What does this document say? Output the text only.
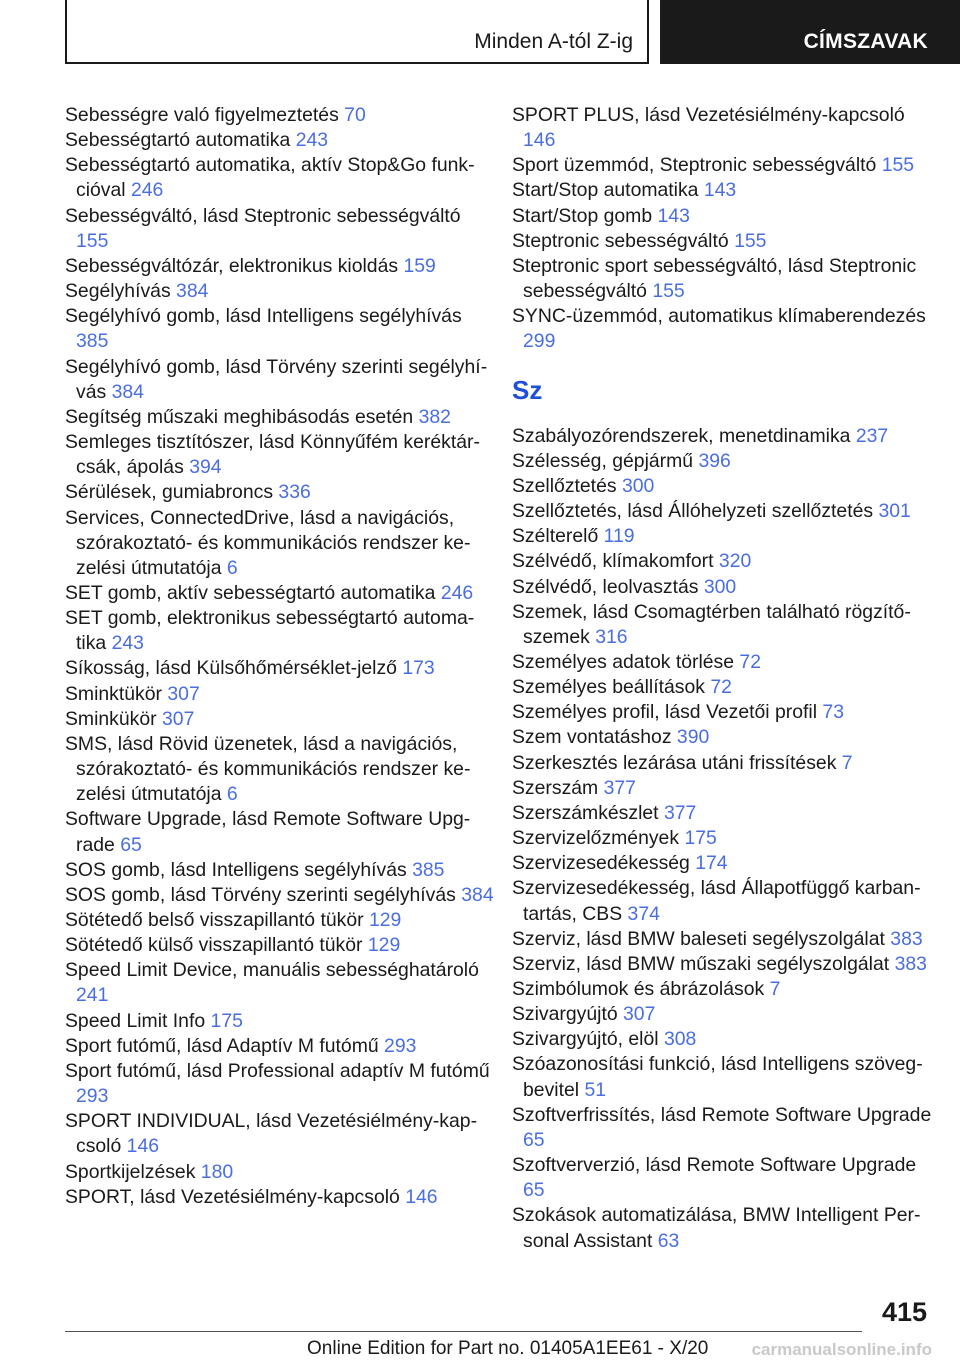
Minden A-tól Z-ig	CÍMSZAVAK

Sebességre való figyelmeztetés 70

Sebességtartó automatika 243

Sebességtartó automatika, aktív Stop&Go funkcióval 246

Sebességváltó, lásd Steptronic sebességváltó 155

Sebességváltózár, elektronikus kioldás 159

Segélyhívás 384

Segélyhívó gomb, lásd Intelligens segélyhívás 385

Segélyhívó gomb, lásd Törvény szerinti segélyhívás 384

Segítség műszaki meghibásodás esetén 382

Semleges tisztítószer, lásd Könnyűfém keréktárcsák, ápolás 394

Sérülések, gumiabroncs 336

Services, ConnectedDrive, lásd a navigációs, szórakoztató- és kommunikációs rendszer kezelési útmutatója 6

SET gomb, aktív sebességtartó automatika 246

SET gomb, elektronikus sebességtartó automatika 243

Síkosság, lásd Külsőhőmérséklet-jelző 173

Sminktükör 307

Sminkükör 307

SMS, lásd Rövid üzenetek, lásd a navigációs, szórakoztató- és kommunikációs rendszer kezelési útmutatója 6

Software Upgrade, lásd Remote Software Upgrade 65

SOS gomb, lásd Intelligens segélyhívás 385

SOS gomb, lásd Törvény szerinti segélyhívás 384

Sötétedő belső visszapillantó tükör 129

Sötétedő külső visszapillantó tükör 129

Speed Limit Device, manuális sebességhatároló 241

Speed Limit Info 175

Sport futómű, lásd Adaptív M futómű 293

Sport futómű, lásd Professional adaptív M futómű 293

SPORT INDIVIDUAL, lásd Vezetésiélmény-kapcsoló 146

Sportkijelzések 180

SPORT, lásd Vezetésiélmény-kapcsoló 146

SPORT PLUS, lásd Vezetésiélmény-kapcsoló 146

Sport üzemmód, Steptronic sebességváltó 155

Start/Stop automatika 143

Start/Stop gomb 143

Steptronic sebességváltó 155

Steptronic sport sebességváltó, lásd Steptronic sebességváltó 155

SYNC-üzemmód, automatikus klímaberendezés 299

Sz

Szabályozórendszerek, menetdinamika 237

Szélesség, gépjármű 396

Szellőztetés 300

Szellőztetés, lásd Állóhelyzeti szellőztetés 301

Szélterelő 119

Szélvédő, klímakomfort 320

Szélvédő, leolvasztás 300

Szemek, lásd Csomagtérben található rögzítőszemek 316

Személyes adatok törlése 72

Személyes beállítások 72

Személyes profil, lásd Vezetői profil 73

Szem vontatáshoz 390

Szerkesztés lezárása utáni frissítések 7

Szerszám 377

Szerszámkészlet 377

Szervizelőzmények 175

Szervizesedékesség 174

Szervizesedékesség, lásd Állapotfüggő karbantartás, CBS 374

Szerviz, lásd BMW baleseti segélyszolgálat 383

Szerviz, lásd BMW műszaki segélyszolgálat 383

Szimbólumok és ábrázolások 7

Szivargyújtó 307

Szivargyújtó, elöl 308

Szóazonosítási funkció, lásd Intelligens szövegbevitel 51

Szoftverfrissítés, lásd Remote Software Upgrade 65

Szoftververzió, lásd Remote Software Upgrade 65

Szokások automatizálása, BMW Intelligent Personal Assistant 63

415
Online Edition for Part no. 01405A1EE61 - X/20	carmanualsonline.info
